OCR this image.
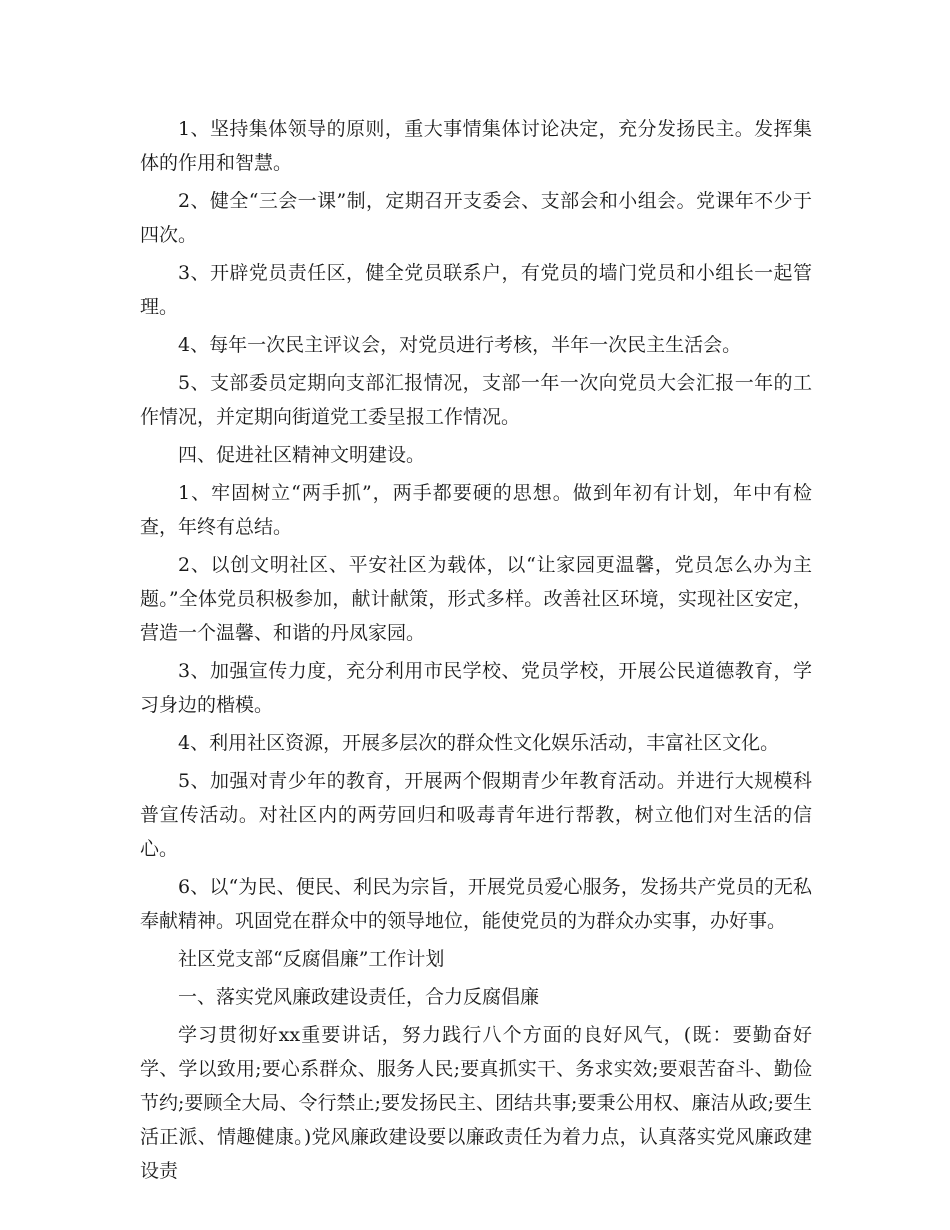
1、坚持集体领导的原则，重大事情集体讨论决定，充分发扬民主。发挥集体的作用和智慧。

2、健全“三会一课”制，定期召开支委会、支部会和小组会。党课年不少于四次。

3、开辟党员责任区，健全党员联系户，有党员的墙门党员和小组长一起管理。

4、每年一次民主评议会，对党员进行考核，半年一次民主生活会。

5、支部委员定期向支部汇报情况，支部一年一次向党员大会汇报一年的工作情况，并定期向街道党工委呈报工作情况。

四、促进社区精神文明建设。

1、牢固树立“两手抓”，两手都要硬的思想。做到年初有计划，年中有检查，年终有总结。

2、以创文明社区、平安社区为载体，以“让家园更温馨，党员怎么办为主题。”全体党员积极参加，献计献策，形式多样。改善社区环境，实现社区安定，营造一个温馨、和谐的丹凤家园。

3、加强宣传力度，充分利用市民学校、党员学校，开展公民道德教育，学习身边的楷模。

4、利用社区资源，开展多层次的群众性文化娱乐活动，丰富社区文化。

5、加强对青少年的教育，开展两个假期青少年教育活动。并进行大规模科普宣传活动。对社区内的两劳回归和吸毒青年进行帮教，树立他们对生活的信心。

6、以“为民、便民、利民为宗旨，开展党员爱心服务，发扬共产党员的无私奉献精神。巩固党在群众中的领导地位，能使党员的为群众办实事，办好事。

社区党支部“反腐倡廉”工作计划

一、落实党风廉政建设责任，合力反腐倡廉

学习贯彻好xx重要讲话，努力践行八个方面的良好风气，(既：要勤奋好学、学以致用;要心系群众、服务人民;要真抓实干、务求实效;要艰苦奋斗、勤俭节约;要顾全大局、令行禁止;要发扬民主、团结共事;要秉公用权、廉洁从政;要生活正派、情趣健康。)党风廉政建设要以廉政责任为着力点，认真落实党风廉政建设责
